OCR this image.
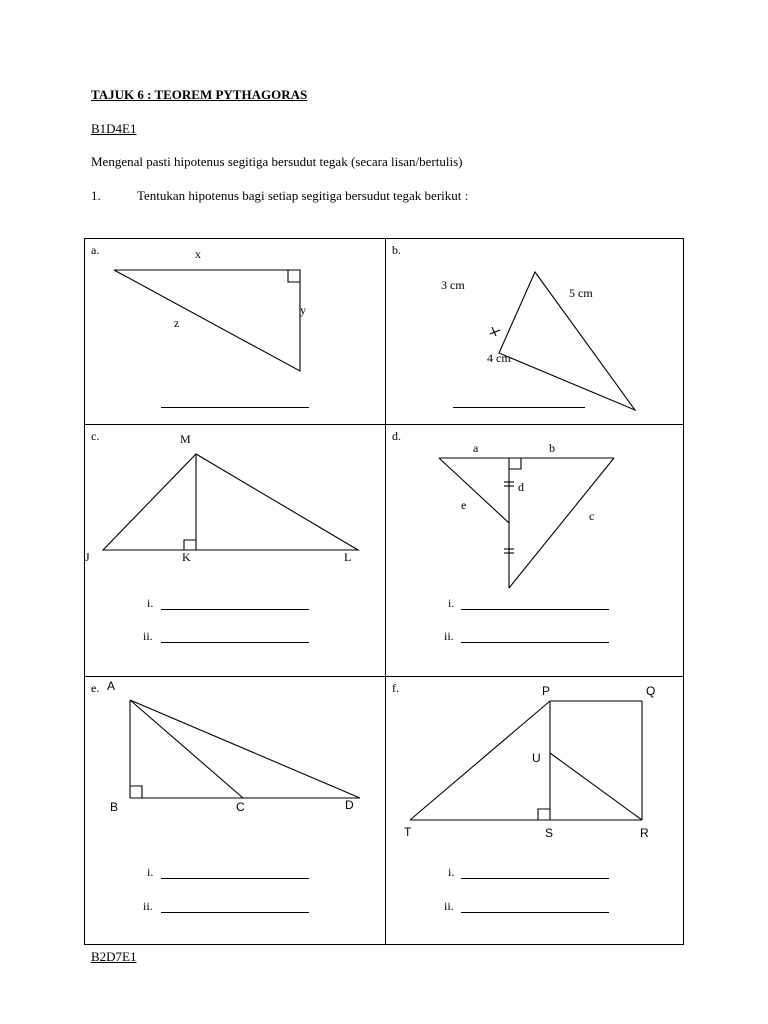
TAJUK 6 : TEOREM PYTHAGORAS
B1D4E1
Mengenal pasti hipotenus segitiga bersudut tegak (secara lisan/bertulis)
1.	Tentukan hipotenus bagi setiap segitiga bersudut tegak berikut :
a.	x
y
z
b.
3 cm
5 cm
4 cm
c.	M
J	K	L
i.
ii.
d.
a	b
d
e
c
i.
ii.
e. A
B	C	D
i.
ii.
f.	P	Q
U
T	S	R
i.
ii.
B2D7E1
